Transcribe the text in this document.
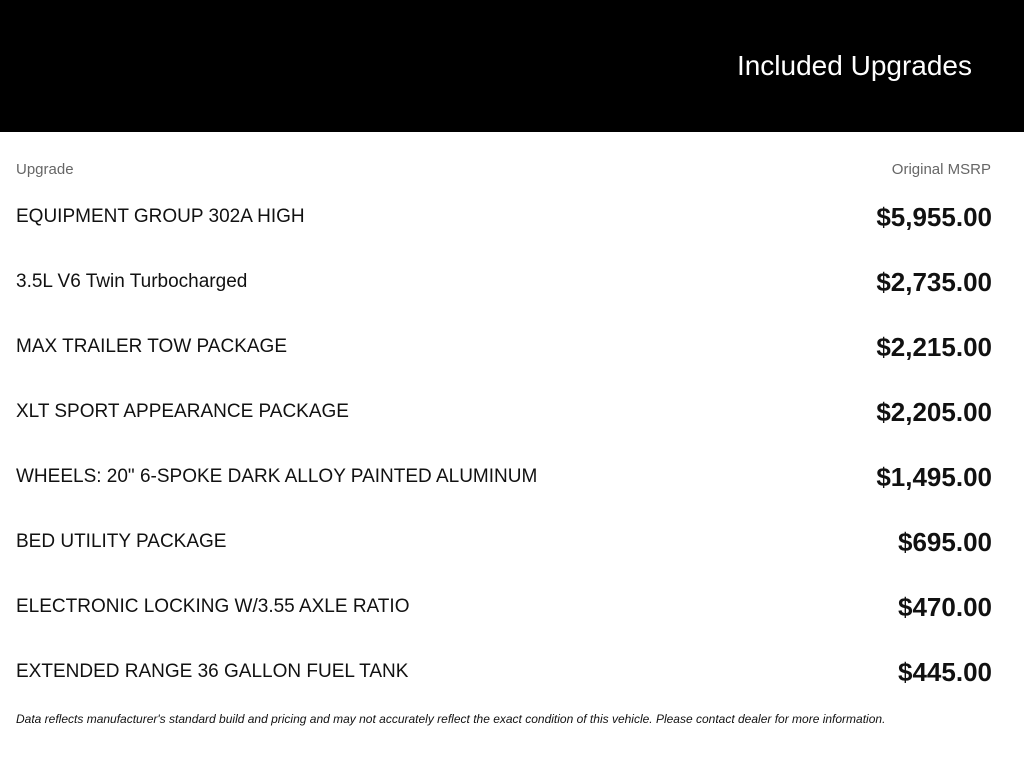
Included Upgrades
Upgrade	Original MSRP
EQUIPMENT GROUP 302A HIGH	$5,955.00
3.5L V6 Twin Turbocharged	$2,735.00
MAX TRAILER TOW PACKAGE	$2,215.00
XLT SPORT APPEARANCE PACKAGE	$2,205.00
WHEELS: 20" 6-SPOKE DARK ALLOY PAINTED ALUMINUM	$1,495.00
BED UTILITY PACKAGE	$695.00
ELECTRONIC LOCKING W/3.55 AXLE RATIO	$470.00
EXTENDED RANGE 36 GALLON FUEL TANK	$445.00
Data reflects manufacturer's standard build and pricing and may not accurately reflect the exact condition of this vehicle. Please contact dealer for more information.
